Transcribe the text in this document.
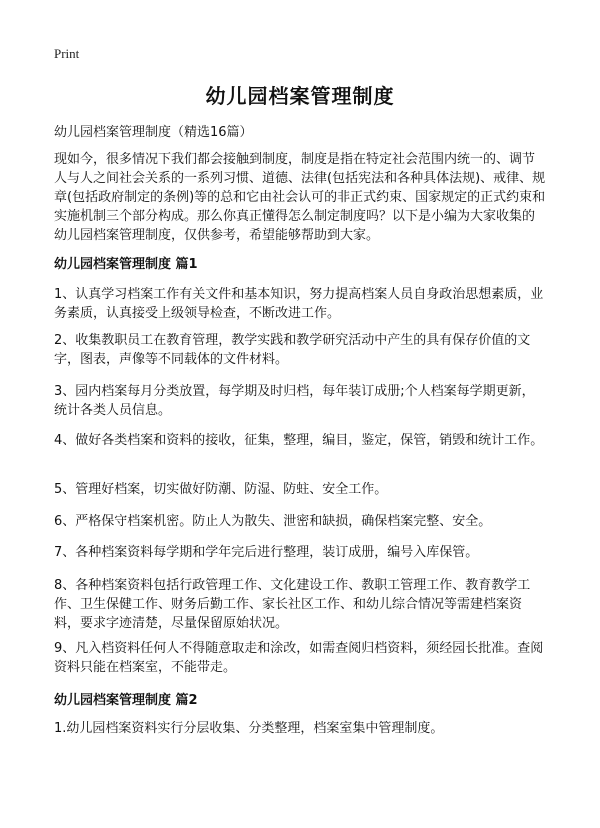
Print
幼儿园档案管理制度
幼儿园档案管理制度（精选16篇）

现如今，很多情况下我们都会接触到制度，制度是指在特定社会范围内统一的、调节人与人之间社会关系的一系列习惯、道德、法律(包括宪法和各种具体法规)、戒律、规章(包括政府制定的条例)等的总和它由社会认可的非正式约束、国家规定的正式约束和实施机制三个部分构成。那么你真正懂得怎么制定制度吗？以下是小编为大家收集的幼儿园档案管理制度，仅供参考，希望能够帮助到大家。

幼儿园档案管理制度 篇1

1、认真学习档案工作有关文件和基本知识，努力提高档案人员自身政治思想素质，业务素质，认真接受上级领导检查，不断改进工作。

2、收集教职员工在教育管理，教学实践和教学研究活动中产生的具有保存价值的文字，图表，声像等不同载体的文件材料。

3、园内档案每月分类放置，每学期及时归档，每年装订成册;个人档案每学期更新，统计各类人员信息。

4、做好各类档案和资料的接收，征集，整理，编目，鉴定，保管，销毁和统计工作。

5、管理好档案，切实做好防潮、防湿、防蛀、安全工作。

6、严格保守档案机密。防止人为散失、泄密和缺损，确保档案完整、安全。

7、各种档案资料每学期和学年完后进行整理，装订成册，编号入库保管。

8、各种档案资料包括行政管理工作、文化建设工作、教职工管理工作、教育教学工作、卫生保健工作、财务后勤工作、家长社区工作、和幼儿综合情况等需建档案资料，要求字迹清楚，尽量保留原始状况。

9、凡入档资料任何人不得随意取走和涂改，如需查阅归档资料，须经园长批准。查阅资料只能在档案室，不能带走。

幼儿园档案管理制度 篇2

1.幼儿园档案资料实行分层收集、分类整理，档案室集中管理制度。
